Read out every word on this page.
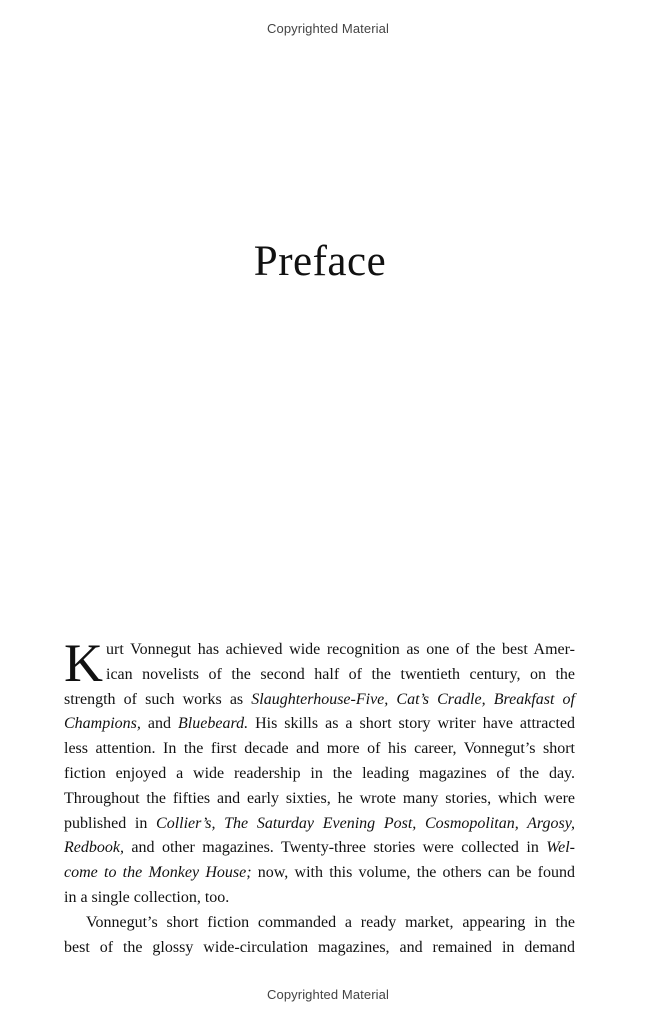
Copyrighted Material
Preface

K urt Vonnegut has achieved wide recognition as one of the best Amer-
ican novelists of the second half of the twentieth century, on the
strength of such works as Slaughterhouse-Five, Cat’s Cradle, Breakfast of
Champions, and Bluebeard. His skills as a short story writer have attracted
less attention. In the first decade and more of his career, Vonnegut’s short
fiction enjoyed a wide readership in the leading magazines of the day.
Throughout the fifties and early sixties, he wrote many stories, which were
published in Collier’s, The Saturday Evening Post, Cosmopolitan, Argosy,
Redbook, and other magazines. Twenty-three stories were collected in Wel-
come to the Monkey House; now, with this volume, the others can be found
in a single collection, too.

Vonnegut’s short fiction commanded a ready market, appearing in the
best of the glossy wide-circulation magazines, and remained in demand

Copyrighted Material
